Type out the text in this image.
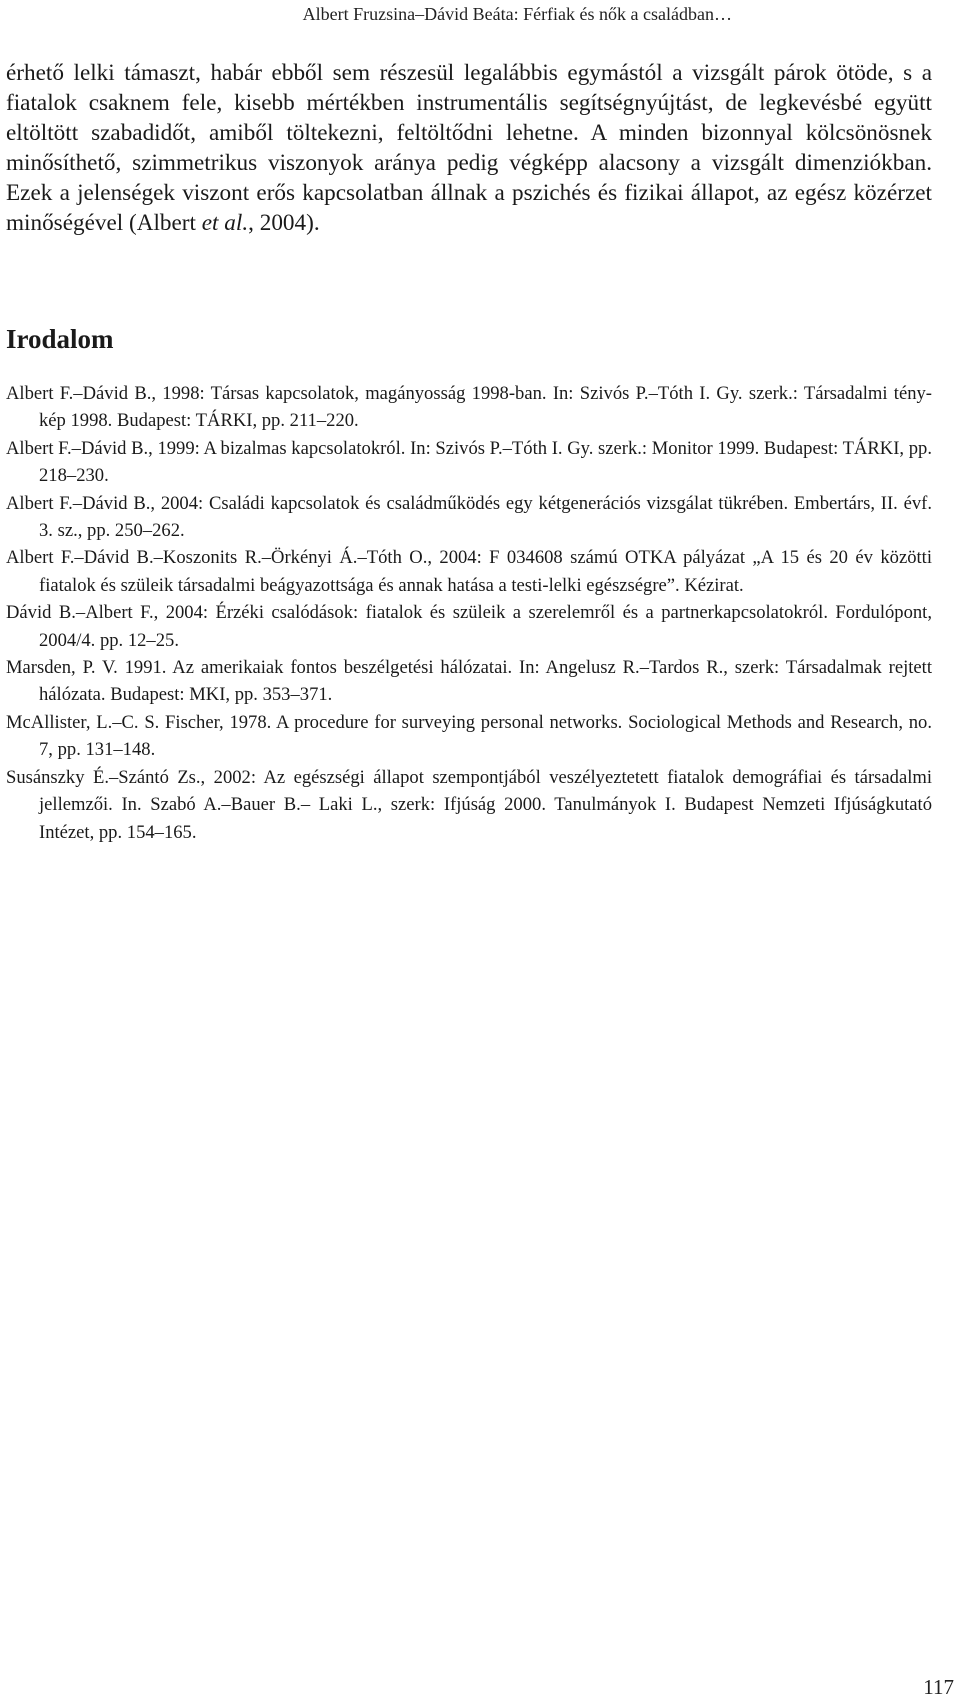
Albert Fruzsina–Dávid Beáta: Férfiak és nők a családban…

érhető lelki támaszt, habár ebből sem részesül legalábbis egymástól a vizsgált párok ötöde, s a fiatalok csaknem fele, kisebb mértékben instrumentális segítségnyújtást, de legkevésbé együtt eltöltött szabadidőt, amiből töltekezni, feltöltődni lehetne. A minden bizonnyal kölcsönösnek minősíthető, szimmetrikus viszonyok aránya pedig végképp alacsony a vizsgált dimenziókban. Ezek a jelenségek viszont erős kapcsolatban állnak a pszichés és fizikai állapot, az egész közérzet minőségével (Albert et al., 2004).

Irodalom
Albert F.–Dávid B., 1998: Társas kapcsolatok, magányosság 1998-ban. In: Szivós P.–Tóth I. Gy. szerk.: Társadalmi tény-kép 1998. Budapest: TÁRKI, pp. 211–220.
Albert F.–Dávid B., 1999: A bizalmas kapcsolatokról. In: Szivós P.–Tóth I. Gy. szerk.: Monitor 1999. Budapest: TÁRKI, pp. 218–230.
Albert F.–Dávid B., 2004: Családi kapcsolatok és családműködés egy kétgenerációs vizsgálat tükrében. Embertárs, II. évf. 3. sz., pp. 250–262.
Albert F.–Dávid B.–Koszonits R.–Örkényi Á.–Tóth O., 2004: F 034608 számú OTKA pályázat „A 15 és 20 év közötti fiatalok és szüleik társadalmi beágyazottsága és annak hatása a testi-lelki egészségre”. Kézirat.
Dávid B.–Albert F., 2004: Érzéki csalódások: fiatalok és szüleik a szerelemről és a partnerkapcsolatokról. Fordulópont, 2004/4. pp. 12–25.
Marsden, P. V. 1991. Az amerikaiak fontos beszélgetési hálózatai. In: Angelusz R.–Tardos R., szerk: Társadalmak rejtett hálózata. Budapest: MKI, pp. 353–371.
McAllister, L.–C. S. Fischer, 1978. A procedure for surveying personal networks. Sociological Methods and Research, no. 7, pp. 131–148.
Susánszky É.–Szántó Zs., 2002: Az egészségi állapot szempontjából veszélyeztetett fiatalok demográfiai és társadalmi jellemzői. In. Szabó A.–Bauer B.– Laki L., szerk: Ifjúság 2000. Tanulmányok I. Budapest Nemzeti Ifjúságkutató Intézet, pp. 154–165.
117
